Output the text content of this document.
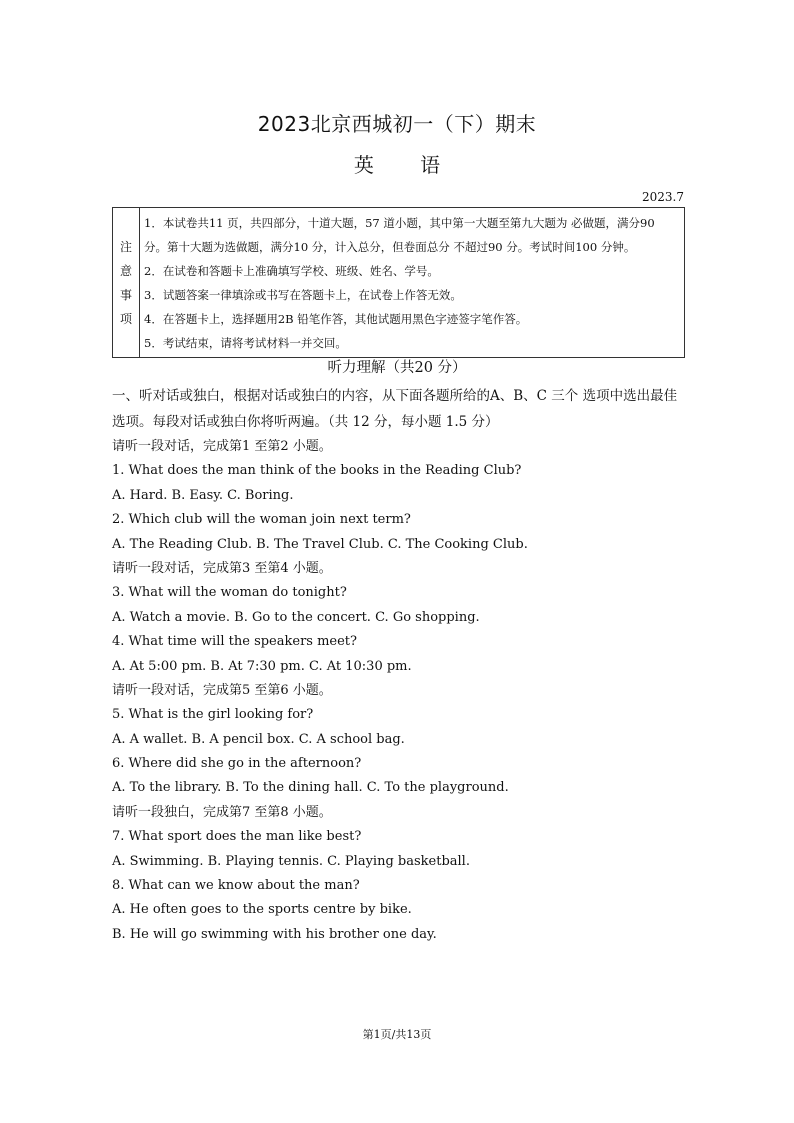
2023北京西城初一（下）期末
英 语
2023.7
注
意
事
项

1．本试卷共11 页，共四部分，十道大题，57 道小题，其中第一大题至第九大题为 必做题，满分90 分。第十大题为选做题，满分10 分，计入总分，但卷面总分 不超过90 分。考试时间100 分钟。
2．在试卷和答题卡上准确填写学校、班级、姓名、学号。
3．试题答案一律填涂或书写在答题卡上，在试卷上作答无效。
4．在答题卡上，选择题用2B 铅笔作答，其他试题用黑色字迹签字笔作答。
5．考试结束，请将考试材料一并交回。
听力理解（共20 分）
一、听对话或独白，根据对话或独白的内容，从下面各题所给的A、B、C 三个 选项中选出最佳选项。每段对话或独白你将听两遍。（共 12 分，每小题 1.5 分）
请听一段对话，完成第1 至第2 小题。
1. What does the man think of the books in the Reading Club?
A. Hard. B. Easy. C. Boring.
2. Which club will the woman join next term?
A. The Reading Club. B. The Travel Club. C. The Cooking Club.
请听一段对话，完成第3 至第4 小题。
3. What will the woman do tonight?
A. Watch a movie. B. Go to the concert. C. Go shopping.
4. What time will the speakers meet?
A. At 5:00 pm. B. At 7:30 pm. C. At 10:30 pm.
请听一段对话，完成第5 至第6 小题。
5. What is the girl looking for?
A. A wallet. B. A pencil box. C. A school bag.
6. Where did she go in the afternoon?
A. To the library. B. To the dining hall. C. To the playground.
请听一段独白，完成第7 至第8 小题。
7. What sport does the man like best?
A. Swimming. B. Playing tennis. C. Playing basketball.
8. What can we know about the man?
A. He often goes to the sports centre by bike.
B. He will go swimming with his brother one day.
第1页/共13页
